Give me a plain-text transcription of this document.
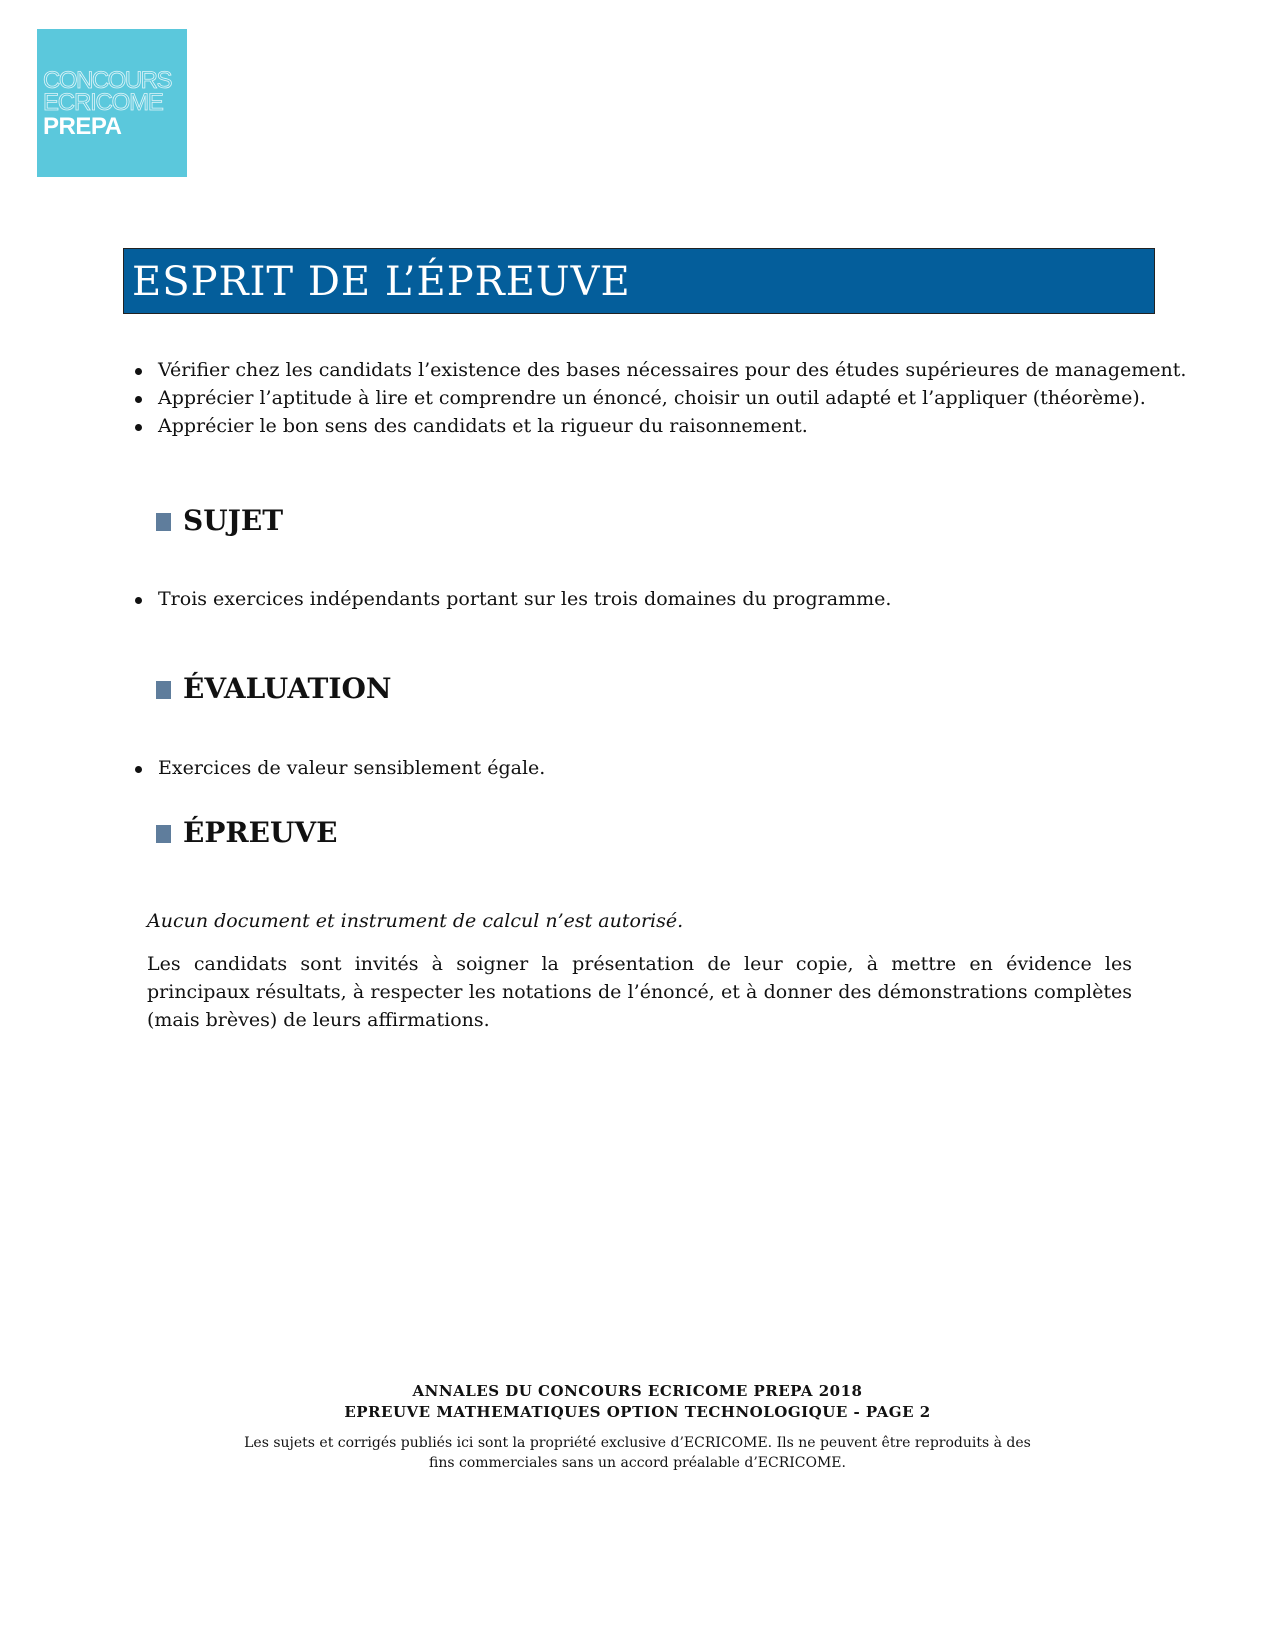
CONCOURS
ECRICOME
PREPA
ESPRIT DE L’ÉPREUVE
Vérifier chez les candidats l’existence des bases nécessaires pour des études supérieures de management.
Apprécier l’aptitude à lire et comprendre un énoncé, choisir un outil adapté et l’appliquer (théorème).
Apprécier le bon sens des candidats et la rigueur du raisonnement.
SUJET
Trois exercices indépendants portant sur les trois domaines du programme.
ÉVALUATION
Exercices de valeur sensiblement égale.
ÉPREUVE
Aucun document et instrument de calcul n’est autorisé.
Les candidats sont invités à soigner la présentation de leur copie, à mettre en évidence les principaux résultats, à respecter les notations de l’énoncé, et à donner des démonstrations complètes (mais brèves) de leurs affirmations.
ANNALES DU CONCOURS ECRICOME PREPA 2018
EPREUVE MATHEMATIQUES OPTION TECHNOLOGIQUE - PAGE 2
Les sujets et corrigés publiés ici sont la propriété exclusive d’ECRICOME. Ils ne peuvent être reproduits à des
fins commerciales sans un accord préalable d’ECRICOME.
